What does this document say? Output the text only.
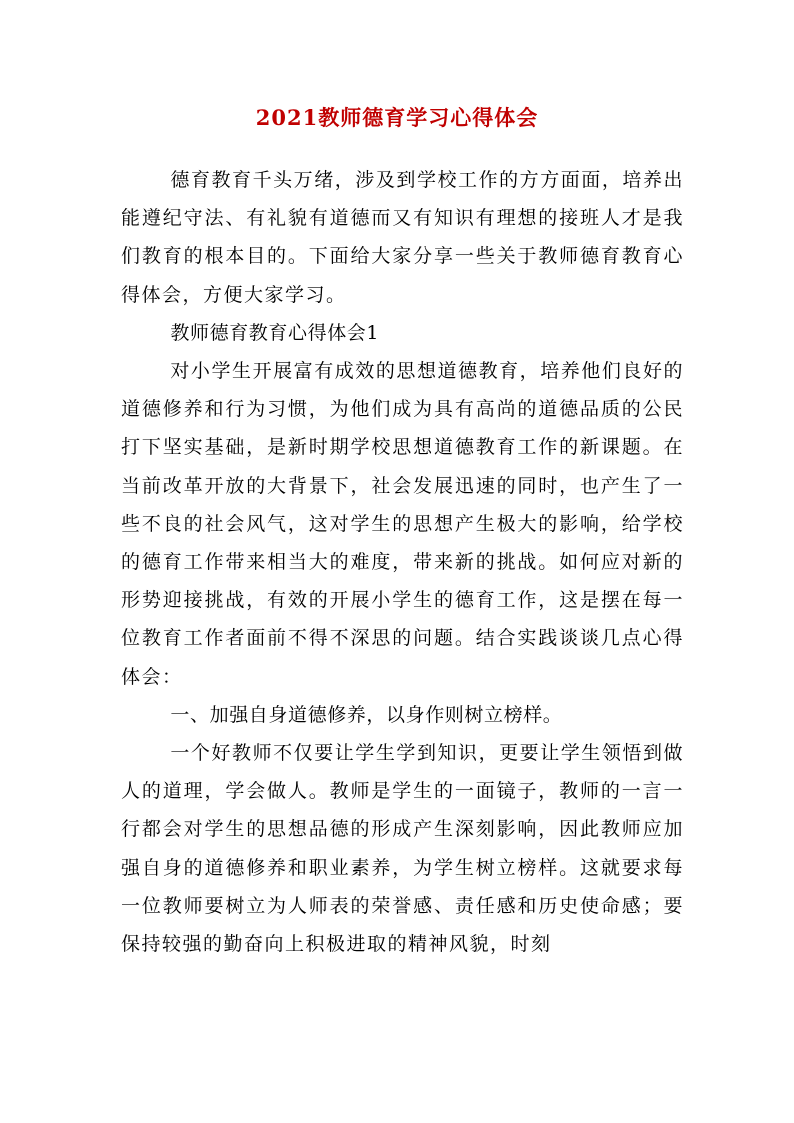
2021教师德育学习心得体会

德育教育千头万绪，涉及到学校工作的方方面面，培养出能遵纪守法、有礼貌有道德而又有知识有理想的接班人才是我们教育的根本目的。下面给大家分享一些关于教师德育教育心得体会，方便大家学习。

教师德育教育心得体会1

对小学生开展富有成效的思想道德教育，培养他们良好的道德修养和行为习惯，为他们成为具有高尚的道德品质的公民打下坚实基础，是新时期学校思想道德教育工作的新课题。在当前改革开放的大背景下，社会发展迅速的同时，也产生了一些不良的社会风气，这对学生的思想产生极大的影响，给学校的德育工作带来相当大的难度，带来新的挑战。如何应对新的形势迎接挑战，有效的开展小学生的德育工作，这是摆在每一位教育工作者面前不得不深思的问题。结合实践谈谈几点心得体会：

一、加强自身道德修养，以身作则树立榜样。

一个好教师不仅要让学生学到知识，更要让学生领悟到做人的道理，学会做人。教师是学生的一面镜子，教师的一言一行都会对学生的思想品德的形成产生深刻影响，因此教师应加强自身的道德修养和职业素养，为学生树立榜样。这就要求每一位教师要树立为人师表的荣誉感、责任感和历史使命感；要保持较强的勤奋向上积极进取的精神风貌，时刻
